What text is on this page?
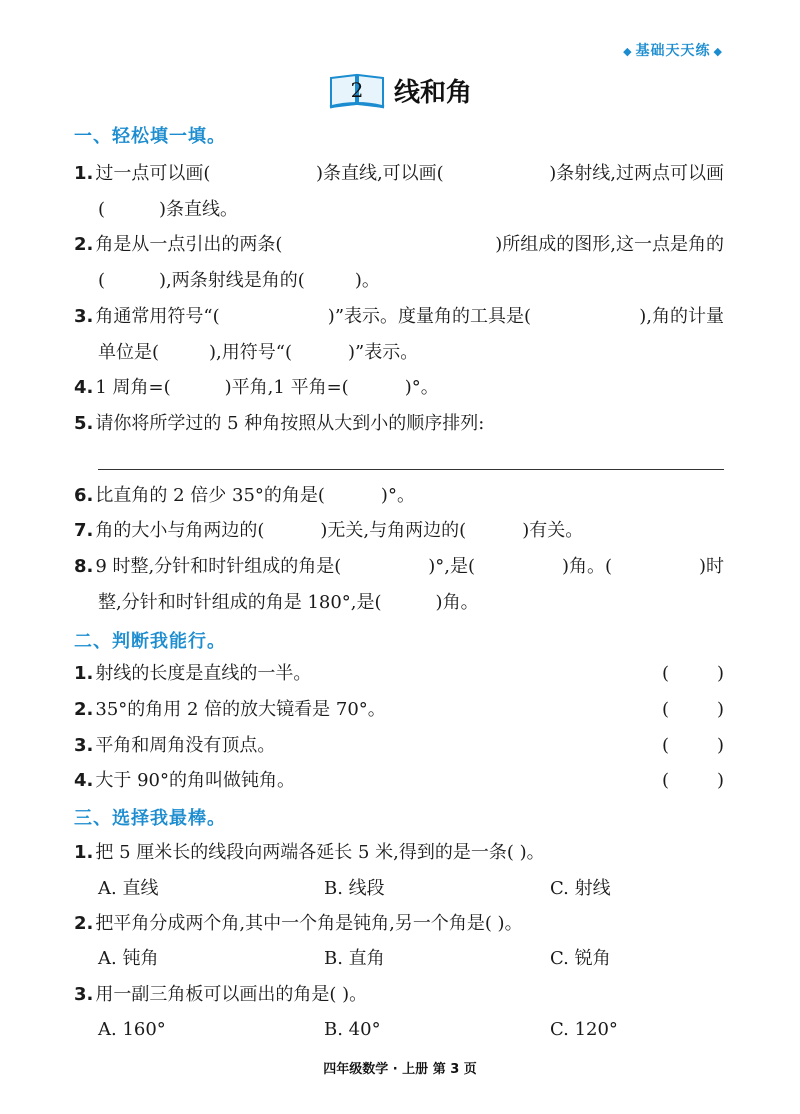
◆ 基础天天练 ◆
2 线和角
一、轻松填一填。
1. 过一点可以画(	)条直线,可以画(	)条射线,过两点可以画
(	)条直线。
2. 角是从一点引出的两条(	)所组成的图形,这一点是角的
(	),两条射线是角的(	)。
3. 角通常用符号“(	)”表示。度量角的工具是(	),角的计量
单位是(	),用符号“(	)”表示。
4. 1 周角=(	)平角,1 平角=(	)°。
5. 请你将所学过的 5 种角按照从大到小的顺序排列:
6. 比直角的 2 倍少 35°的角是(	)°。
7. 角的大小与角两边的(	)无关,与角两边的(	)有关。
8. 9 时整,分针和时针组成的角是(	)°,是(	)角。(	)时
整,分针和时针组成的角是 180°,是(	)角。
二、判断我能行。
1. 射线的长度是直线的一半。	(	)
2. 35°的角用 2 倍的放大镜看是 70°。	(	)
3. 平角和周角没有顶点。	(	)
4. 大于 90°的角叫做钝角。	(	)
三、选择我最棒。
1. 把 5 厘米长的线段向两端各延长 5 米,得到的是一条( )。
A. 直线	B. 线段	C. 射线
2. 把平角分成两个角,其中一个角是钝角,另一个角是( )。
A. 钝角	B. 直角	C. 锐角
3. 用一副三角板可以画出的角是( )。
A. 160°	B. 40°	C. 120°
四年级数学 · 上册 第 3 页
